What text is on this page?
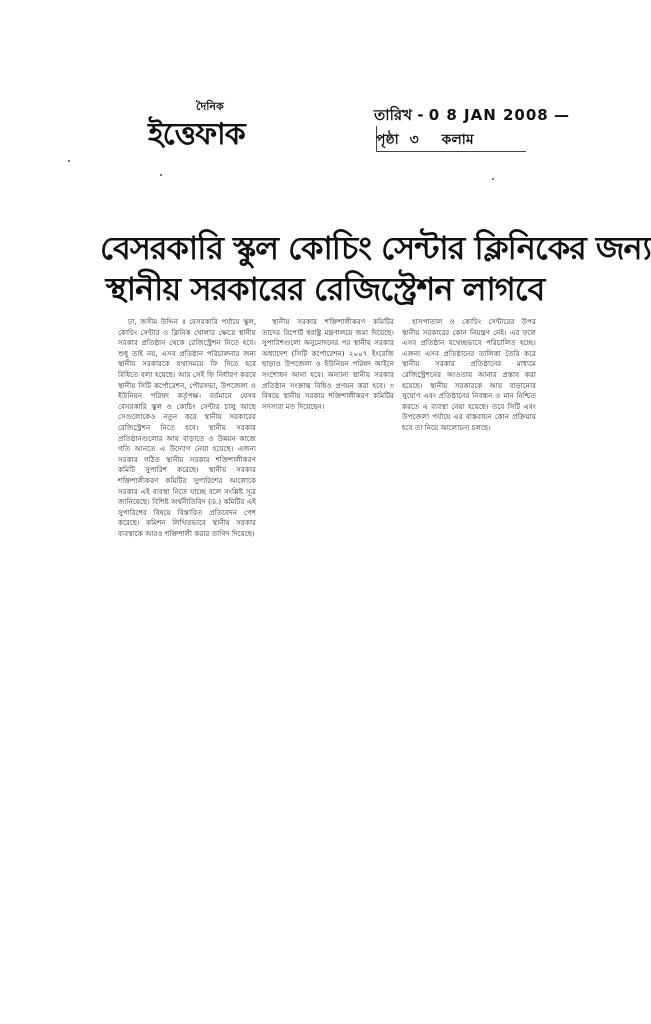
দৈনিক
ইত্তেফাক
তারিখ - 0 8 JAN 2008 —
পৃষ্ঠা ৩ কলাম
বেসরকারি স্কুল কোচিং সেন্টার ক্লিনিকের জন্য
স্থানীয় সরকারের রেজিস্ট্রেশন লাগবে

ঢা, জসীম উদ্দিন ॥ বেসরকারি পর্যায়ে স্কুল, কোচিং সেন্টার ও ক্লিনিক খোলার ক্ষেত্রে স্থানীয় সরকার প্রতিষ্ঠান থেকে রেজিস্ট্রেশন নিতে হবে। শুধু তাই নয়, এসব প্রতিষ্ঠান পরিচালনার জন্য স্থানীয় সরকারকে যথাসময়ে ফি দিতে হবে বিধিতে বলা হয়েছে। আর সেই ফি নির্ধারণ করবে স্থানীয় সিটি কর্পোরেশন, পৌরসভা, উপজেলা ও ইউনিয়ন পরিষদ কর্তৃপক্ষ। বর্তমানে যেসব বেসরকারি স্কুল ও কোচিং সেন্টার চালু আছে সেগুলোকেও নতুন করে স্থানীয় সরকারের রেজিস্ট্রেশন নিতে হবে। স্থানীয় সরকার প্রতিষ্ঠানগুলোর আয় বাড়াতে ও উন্নয়ন কাজে গতি আনতে এ উদ্যোগ নেয়া হয়েছে। এজন্য সরকার গঠিত স্থানীয় সরকার শক্তিশালীকরণ কমিটি সুপারিশ করেছে। স্থানীয় সরকার শক্তিশালীকরণ কমিটির সুপারিশের আলোকে সরকার এই ব্যবস্থা নিতে যাচ্ছে বলে সংশ্লিষ্ট সূত্র জানিয়েছে। বিশিষ্ট অর্থনীতিবিদ (ড.) কমিটির এই সুপারিশের বিষয়ে বিস্তারিত প্রতিবেদন পেশ করেছে। কমিশন লিখিতভাবে স্থানীয় সরকার ব্যবস্থাকে আরও শক্তিশালী করার তাগিদ দিয়েছে।

স্থানীয় সরকার শক্তিশালীকরণ কমিটির তাদের রিপোর্ট স্বরাষ্ট্র মন্ত্রণালয়ে জমা দিয়েছে। সুপারিশগুলো অনুমোদনের পর স্থানীয় সরকার অধ্যাদেশ (সিটি কর্পোরেশন) ২০০৭ ইংরেজি ছাড়াও উপজেলা ও ইউনিয়ন পরিষদ আইনে সংশোধন আনা হবে। অন্যান্য স্থানীয় সরকার প্রতিষ্ঠান সংক্রান্ত বিধিও প্রণয়ন করা হবে। ৩ বিষয়ে স্থানীয় সরকার শক্তিশালীকরণ কমিটির সদস্যরা মত দিয়েছেন।

হাসপাতাল ও কোচিং সেন্টারের উপর স্থানীয় সরকারের কোন নিয়ন্ত্রণ নেই। এর ফলে এসব প্রতিষ্ঠান যথেচ্ছভাবে পরিচালিত হচ্ছে। এজন্য এসব প্রতিষ্ঠানের তালিকা তৈরি করে স্থানীয় সরকার প্রতিষ্ঠানের মাধ্যমে রেজিস্ট্রেশনের আওতায় আনার প্রস্তাব করা হয়েছে। স্থানীয় সরকারকে আয় বাড়ানোর সুযোগ এবং প্রতিষ্ঠানের নিবন্ধন ও মান নিশ্চিত করতে এ ব্যবস্থা নেয়া হয়েছে। তবে সিটি এবং উপজেলা পর্যায়ে এর বাস্তবায়ন কোন প্রক্রিয়ায় হবে তা নিয়ে আলোচনা চলছে।
